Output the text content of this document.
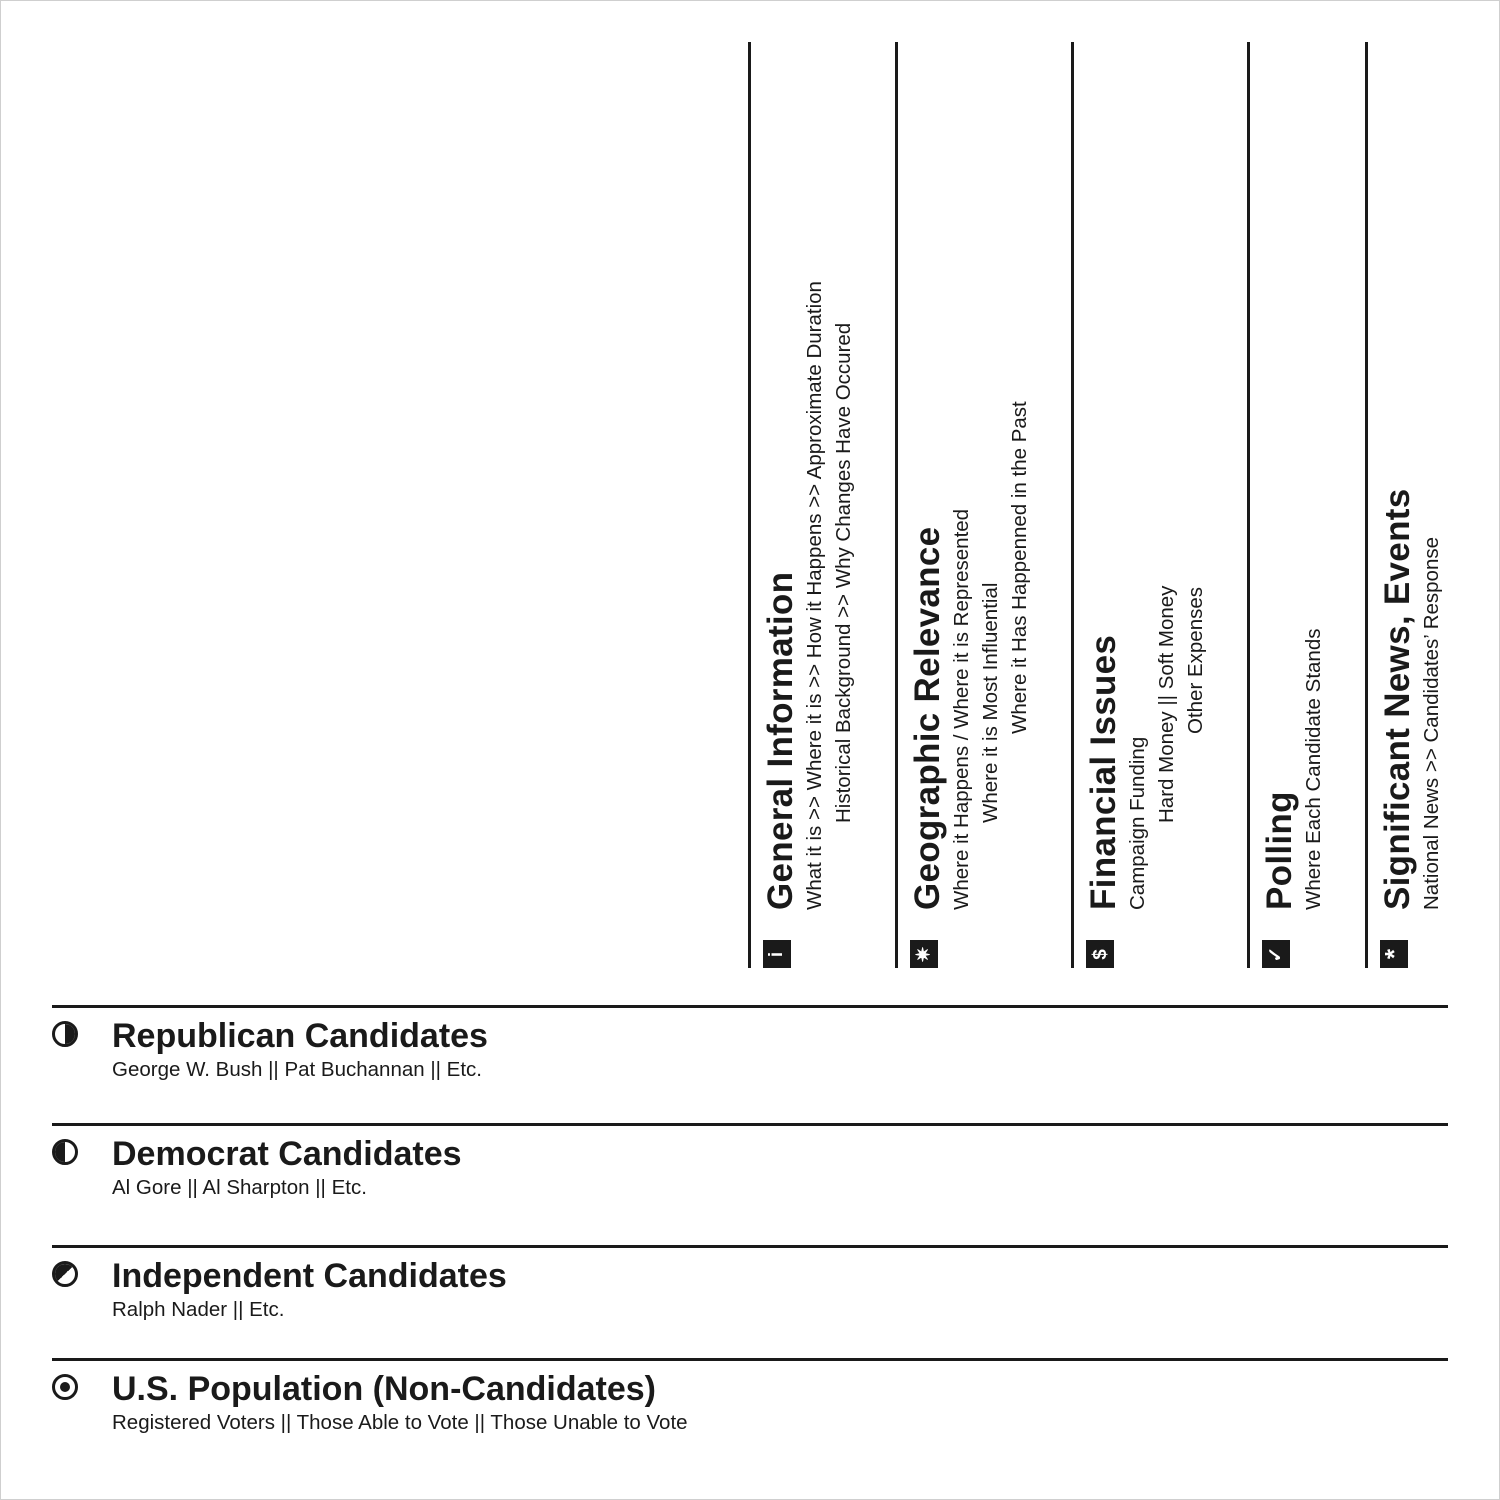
i
General Information What it is >> Where it is >> How it Happens >> Approximate Duration Historical Background >> Why Changes Have Occured
✷
Geographic Relevance Where it Happens / Where it is Represented Where it is Most Influential Where it Has Happenned in the Past
$
Financial Issues Campaign Funding
Hard Money || Soft Money Other Expenses
✓
Polling Where Each Candidate Stands
*
Significant News, Events National News >> Candidates’ Response
Republican Candidates
George W. Bush || Pat Buchannan || Etc.
Democrat Candidates
Al Gore || Al Sharpton || Etc.
Independent Candidates
Ralph Nader || Etc.
U.S. Population (Non-Candidates)
Registered Voters || Those Able to Vote || Those Unable to Vote
